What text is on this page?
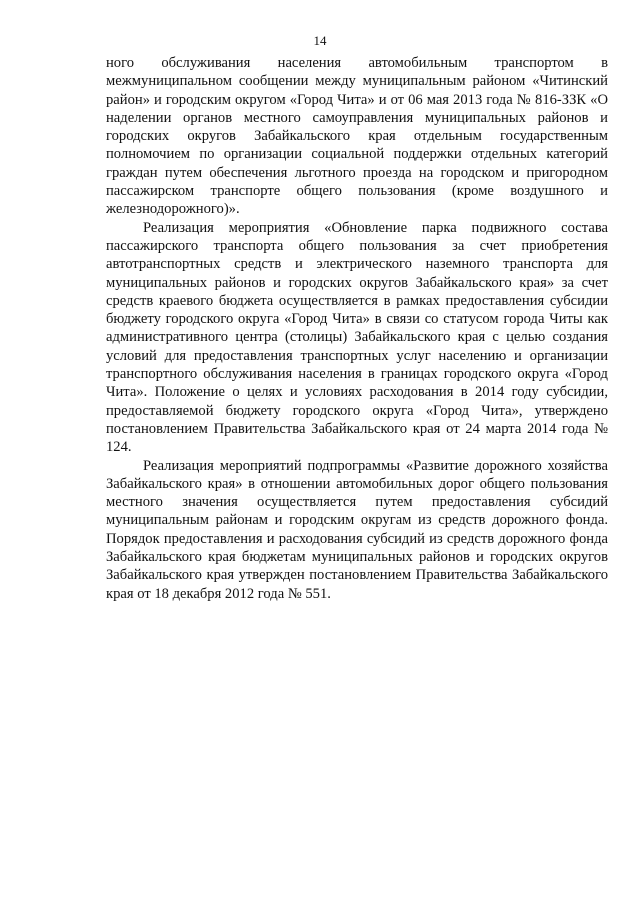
14

ного обслуживания населения автомобильным транспортом в межмуниципальном сообщении между муниципальным районом «Читинский район» и городским округом «Город Чита» и от 06 мая 2013 года № 816-ЗЗК «О наделении органов местного самоуправления муниципальных районов и городских округов Забайкальского края отдельным государственным полномочием по организации социальной поддержки отдельных категорий граждан путем обеспечения льготного проезда на городском и пригородном пассажирском транспорте общего пользования (кроме воздушного и железнодорожного)».

Реализация мероприятия «Обновление парка подвижного состава пассажирского транспорта общего пользования за счет приобретения автотранспортных средств и электрического наземного транспорта для муниципальных районов и городских округов Забайкальского края» за счет средств краевого бюджета осуществляется в рамках предоставления субсидии бюджету городского округа «Город Чита» в связи со статусом города Читы как административного центра (столицы) Забайкальского края с целью создания условий для предоставления транспортных услуг населению и организации транспортного обслуживания населения в границах городского округа «Город Чита». Положение о целях и условиях расходования в 2014 году субсидии, предоставляемой бюджету городского округа «Город Чита», утверждено постановлением Правительства Забайкальского края от 24 марта 2014 года № 124.

Реализация мероприятий подпрограммы «Развитие дорожного хозяйства Забайкальского края» в отношении автомобильных дорог общего пользования местного значения осуществляется путем предоставления субсидий муниципальным районам и городским округам из средств дорожного фонда. Порядок предоставления и расходования субсидий из средств дорожного фонда Забайкальского края бюджетам муниципальных районов и городских округов Забайкальского края утвержден постановлением Правительства Забайкальского края от 18 декабря 2012 года № 551.
